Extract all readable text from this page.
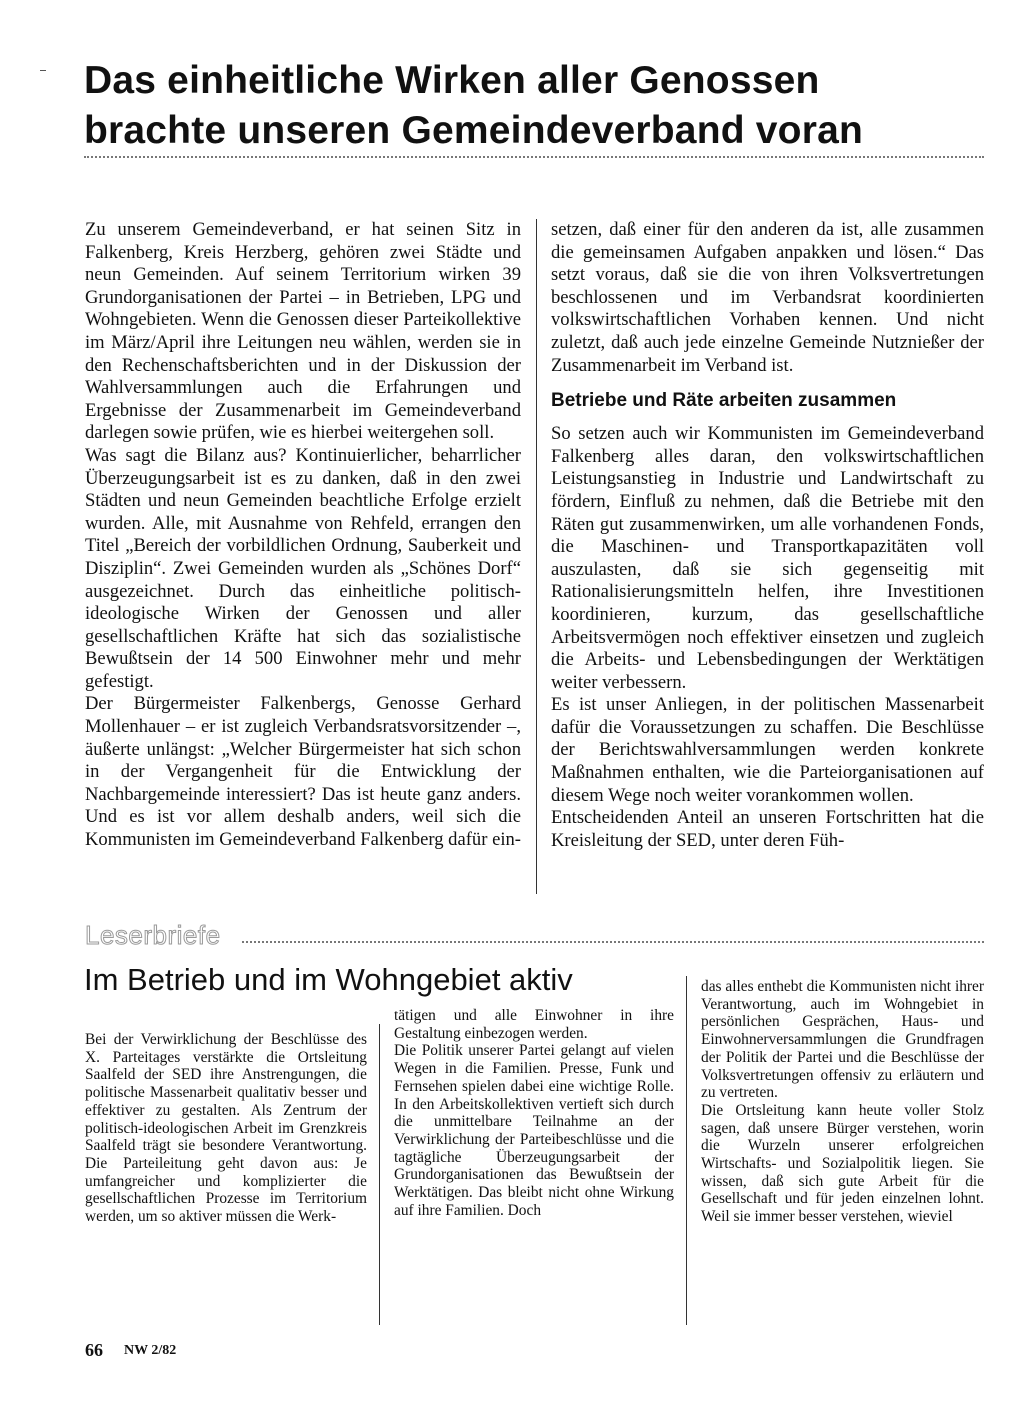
Das einheitliche Wirken aller Genossen
brachte unseren Gemeindeverband voran

Zu unserem Gemeindeverband, er hat seinen Sitz in Falkenberg, Kreis Herzberg, gehören zwei Städte und neun Gemeinden. Auf seinem Territorium wirken 39 Grundorganisationen der Partei – in Betrieben, LPG und Wohngebieten. Wenn die Genossen dieser Parteikollektive im März/April ihre Leitungen neu wählen, werden sie in den Rechenschaftsberichten und in der Diskussion der Wahlversammlungen auch die Erfahrungen und Ergebnisse der Zusammenarbeit im Gemeindeverband darlegen sowie prüfen, wie es hierbei weitergehen soll.

Was sagt die Bilanz aus? Kontinuierlicher, beharrlicher Überzeugungsarbeit ist es zu danken, daß in den zwei Städten und neun Gemeinden beachtliche Erfolge erzielt wurden. Alle, mit Ausnahme von Rehfeld, errangen den Titel „Bereich der vorbildlichen Ordnung, Sauberkeit und Disziplin“. Zwei Gemeinden wurden als „Schönes Dorf“ ausgezeichnet. Durch das einheitliche politisch-ideologische Wirken der Genossen und aller gesellschaftlichen Kräfte hat sich das sozialistische Bewußtsein der 14 500 Einwohner mehr und mehr gefestigt.

Der Bürgermeister Falkenbergs, Genosse Gerhard Mollenhauer – er ist zugleich Verbandsratsvorsitzender –, äußerte unlängst: „Welcher Bürgermeister hat sich schon in der Vergangenheit für die Entwicklung der Nachbargemeinde interessiert? Das ist heute ganz anders. Und es ist vor allem deshalb anders, weil sich die Kommunisten im Gemeindeverband Falkenberg dafür ein-

setzen, daß einer für den anderen da ist, alle zusammen die gemeinsamen Aufgaben anpakken und lösen.“ Das setzt voraus, daß sie die von ihren Volksvertretungen beschlossenen und im Verbandsrat koordinierten volkswirtschaftlichen Vorhaben kennen. Und nicht zuletzt, daß auch jede einzelne Gemeinde Nutznießer der Zusammenarbeit im Verband ist.

Betriebe und Räte arbeiten zusammen

So setzen auch wir Kommunisten im Gemeindeverband Falkenberg alles daran, den volkswirtschaftlichen Leistungsanstieg in Industrie und Landwirtschaft zu fördern, Einfluß zu nehmen, daß die Betriebe mit den Räten gut zusammenwirken, um alle vorhandenen Fonds, die Maschinen- und Transportkapazitäten voll auszulasten, daß sie sich gegenseitig mit Rationalisierungsmitteln helfen, ihre Investitionen koordinieren, kurzum, das gesellschaftliche Arbeitsvermögen noch effektiver einsetzen und zugleich die Arbeits- und Lebensbedingungen der Werktätigen weiter verbessern.

Es ist unser Anliegen, in der politischen Massenarbeit dafür die Voraussetzungen zu schaffen. Die Beschlüsse der Berichtswahlversammlungen werden konkrete Maßnahmen enthalten, wie die Parteiorganisationen auf diesem Wege noch weiter vorankommen wollen.

Entscheidenden Anteil an unseren Fortschritten hat die Kreisleitung der SED, unter deren Füh-

Leserbriefe
Im Betrieb und im Wohngebiet aktiv

Bei der Verwirklichung der Beschlüsse des X. Parteitages verstärkte die Ortsleitung Saalfeld der SED ihre Anstrengungen, die politische Massenarbeit qualitativ besser und effektiver zu gestalten. Als Zentrum der politisch-ideologischen Arbeit im Grenzkreis Saalfeld trägt sie besondere Verantwortung. Die Parteileitung geht davon aus: Je umfangreicher und komplizierter die gesellschaftlichen Prozesse im Territorium werden, um so aktiver müssen die Werk-

tätigen und alle Einwohner in ihre Gestaltung einbezogen werden.

Die Politik unserer Partei gelangt auf vielen Wegen in die Familien. Presse, Funk und Fernsehen spielen dabei eine wichtige Rolle. In den Arbeitskollektiven vertieft sich durch die unmittelbare Teilnahme an der Verwirklichung der Parteibeschlüsse und die tagtägliche Überzeugungsarbeit der Grundorganisationen das Bewußtsein der Werktätigen. Das bleibt nicht ohne Wirkung auf ihre Familien. Doch

das alles enthebt die Kommunisten nicht ihrer Verantwortung, auch im Wohngebiet in persönlichen Gesprächen, Haus- und Einwohnerversammlungen die Grundfragen der Politik der Partei und die Beschlüsse der Volksvertretungen offensiv zu erläutern und zu vertreten.

Die Ortsleitung kann heute voller Stolz sagen, daß unsere Bürger verstehen, worin die Wurzeln unserer erfolgreichen Wirtschafts- und Sozialpolitik liegen. Sie wissen, daß sich gute Arbeit für die Gesellschaft und für jeden einzelnen lohnt. Weil sie immer besser verstehen, wieviel

66 NW 2/82
